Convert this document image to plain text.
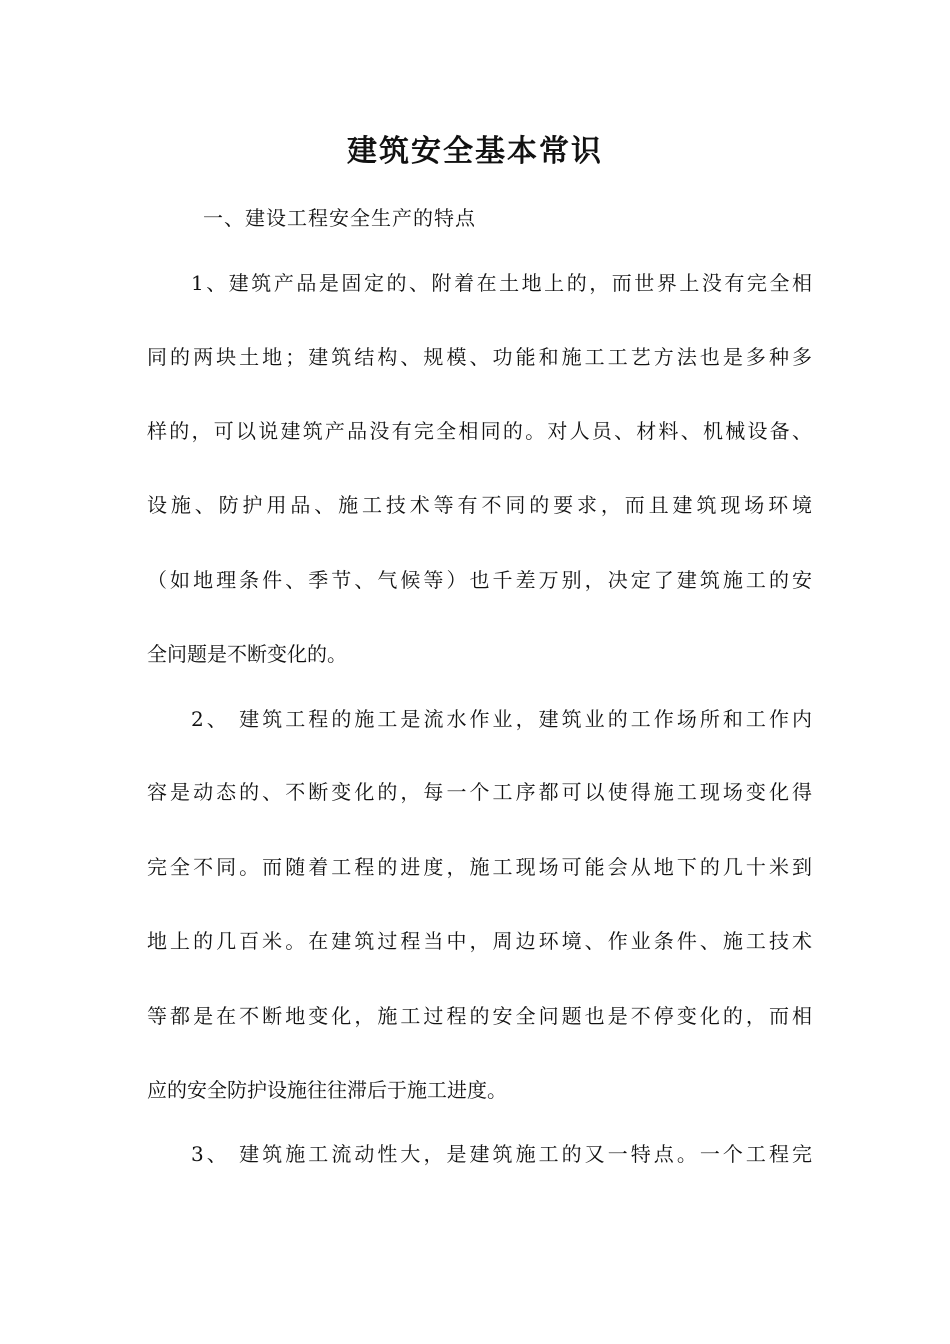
建筑安全基本常识
一、建设工程安全生产的特点
1、建筑产品是固定的、附着在土地上的，而世界上没有完全相
同的两块土地；建筑结构、规模、功能和施工工艺方法也是多种多
样的，可以说建筑产品没有完全相同的。对人员、材料、机械设备、
设施、防护用品、施工技术等有不同的要求，而且建筑现场环境
（如地理条件、季节、气候等）也千差万别，决定了建筑施工的安
全问题是不断变化的。
2、 建筑工程的施工是流水作业，建筑业的工作场所和工作内
容是动态的、不断变化的，每一个工序都可以使得施工现场变化得
完全不同。而随着工程的进度，施工现场可能会从地下的几十米到
地上的几百米。在建筑过程当中，周边环境、作业条件、施工技术
等都是在不断地变化，施工过程的安全问题也是不停变化的，而相
应的安全防护设施往往滞后于施工进度。
3、 建筑施工流动性大，是建筑施工的又一特点。一个工程完
